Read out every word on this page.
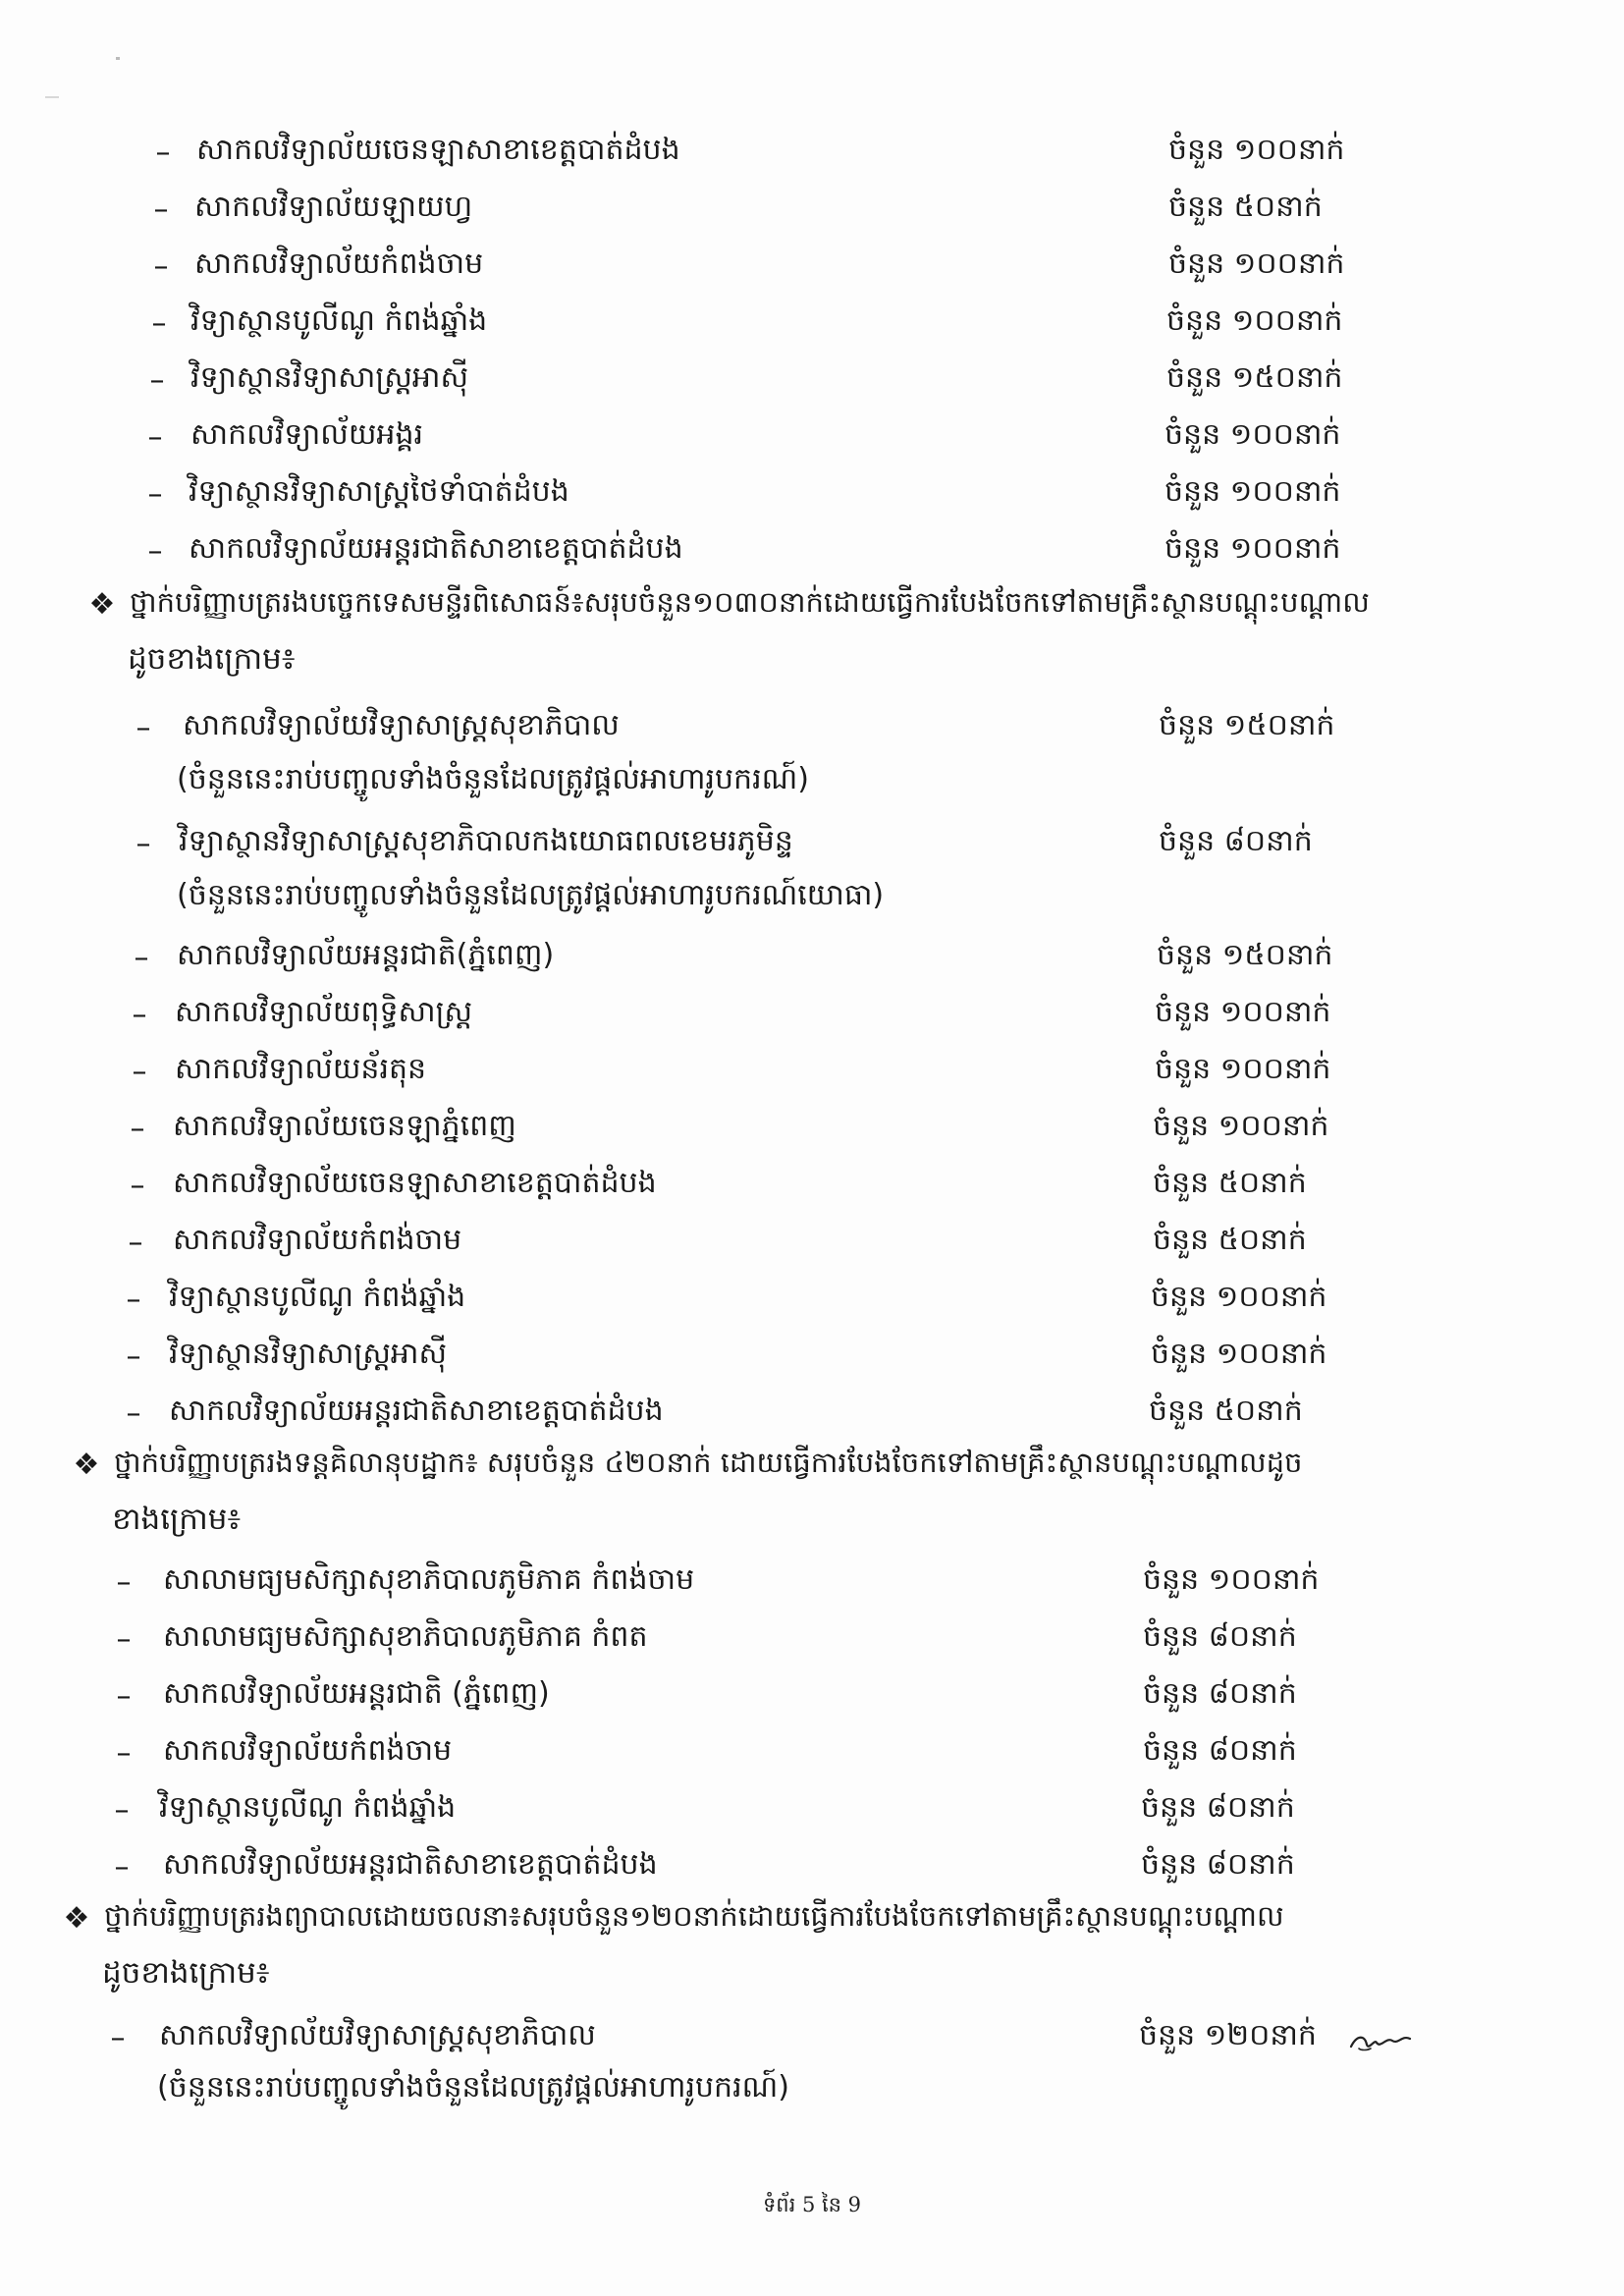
– សាកលវិទ្យាល័យចេនឡាសាខាខេត្តបាត់ដំបង	ចំនួន ១០០នាក់
– សាកលវិទ្យាល័យឡាយហ្វ	ចំនួន ៥០នាក់
– សាកលវិទ្យាល័យកំពង់ចាម	ចំនួន ១០០នាក់
– វិទ្យាស្ថានបូលីណូ កំពង់ឆ្នាំង	ចំនួន ១០០នាក់
– វិទ្យាស្ថានវិទ្យាសាស្ត្រអាស៊ី	ចំនួន ១៥០នាក់
– សាកលវិទ្យាល័យអង្គរ	ចំនួន ១០០នាក់
– វិទ្យាស្ថានវិទ្យាសាស្ត្រថៃទាំបាត់ដំបង	ចំនួន ១០០នាក់
– សាកលវិទ្យាល័យអន្តរជាតិសាខាខេត្តបាត់ដំបង	ចំនួន ១០០នាក់
❖ ថ្នាក់បរិញ្ញាបត្ររងបច្ចេកទេសមន្ទីរពិសោធន៍៖សរុបចំនួន១០៣០នាក់ដោយធ្វើការបែងចែកទៅតាមគ្រឹះស្ថានបណ្តុះបណ្តាល
ដូចខាងក្រោម៖
–	សាកលវិទ្យាល័យវិទ្យាសាស្ត្រសុខាភិបាល	ចំនួន ១៥០នាក់
(ចំនួននេះរាប់បញ្ចូលទាំងចំនួនដែលត្រូវផ្តល់អាហារូបករណ៍)
– វិទ្យាស្ថានវិទ្យាសាស្ត្រសុខាភិបាលកងយោធពលខេមរភូមិន្ទ	ចំនួន ៨០នាក់
(ចំនួននេះរាប់បញ្ចូលទាំងចំនួនដែលត្រូវផ្តល់អាហារូបករណ៍យោធា)
– សាកលវិទ្យាល័យអន្តរជាតិ(ភ្នំពេញ)	ចំនួន ១៥០នាក់
– សាកលវិទ្យាល័យពុទ្ធិសាស្ត្រ	ចំនួន ១០០នាក់
– សាកលវិទ្យាល័យន័រតុន	ចំនួន ១០០នាក់
– សាកលវិទ្យាល័យចេនឡាភ្នំពេញ	ចំនួន ១០០នាក់
– សាកលវិទ្យាល័យចេនឡាសាខាខេត្តបាត់ដំបង	ចំនួន ៥០នាក់
–	សាកលវិទ្យាល័យកំពង់ចាម	ចំនួន ៥០នាក់
– វិទ្យាស្ថានបូលីណូ កំពង់ឆ្នាំង	ចំនួន ១០០នាក់
– វិទ្យាស្ថានវិទ្យាសាស្ត្រអាស៊ី	ចំនួន ១០០នាក់
– សាកលវិទ្យាល័យអន្តរជាតិសាខាខេត្តបាត់ដំបង	ចំនួន ៥០នាក់
❖ ថ្នាក់បរិញ្ញាបត្ររងទន្តគិលានុបដ្ឋាក៖ សរុបចំនួន ៤២០នាក់ ដោយធ្វើការបែងចែកទៅតាមគ្រឹះស្ថានបណ្តុះបណ្តាលដូច
ខាងក្រោម៖
–	សាលាមធ្យមសិក្សាសុខាភិបាលភូមិភាគ កំពង់ចាម	ចំនួន ១០០នាក់
–	សាលាមធ្យមសិក្សាសុខាភិបាលភូមិភាគ កំពត	ចំនួន ៨០នាក់
–	សាកលវិទ្យាល័យអន្តរជាតិ (ភ្នំពេញ)	ចំនួន ៨០នាក់
–	សាកលវិទ្យាល័យកំពង់ចាម	ចំនួន ៨០នាក់
–	វិទ្យាស្ថានបូលីណូ កំពង់ឆ្នាំង	ចំនួន ៨០នាក់
–	សាកលវិទ្យាល័យអន្តរជាតិសាខាខេត្តបាត់ដំបង	ចំនួន ៨០នាក់
❖ ថ្នាក់បរិញ្ញាបត្ររងព្យាបាលដោយចលនា៖សរុបចំនួន១២០នាក់ដោយធ្វើការបែងចែកទៅតាមគ្រឹះស្ថានបណ្តុះបណ្តាល
ដូចខាងក្រោម៖
–	សាកលវិទ្យាល័យវិទ្យាសាស្ត្រសុខាភិបាល	ចំនួន ១២០នាក់
(ចំនួននេះរាប់បញ្ចូលទាំងចំនួនដែលត្រូវផ្តល់អាហារូបករណ៍)
ទំព័រ 5 នៃ 9
